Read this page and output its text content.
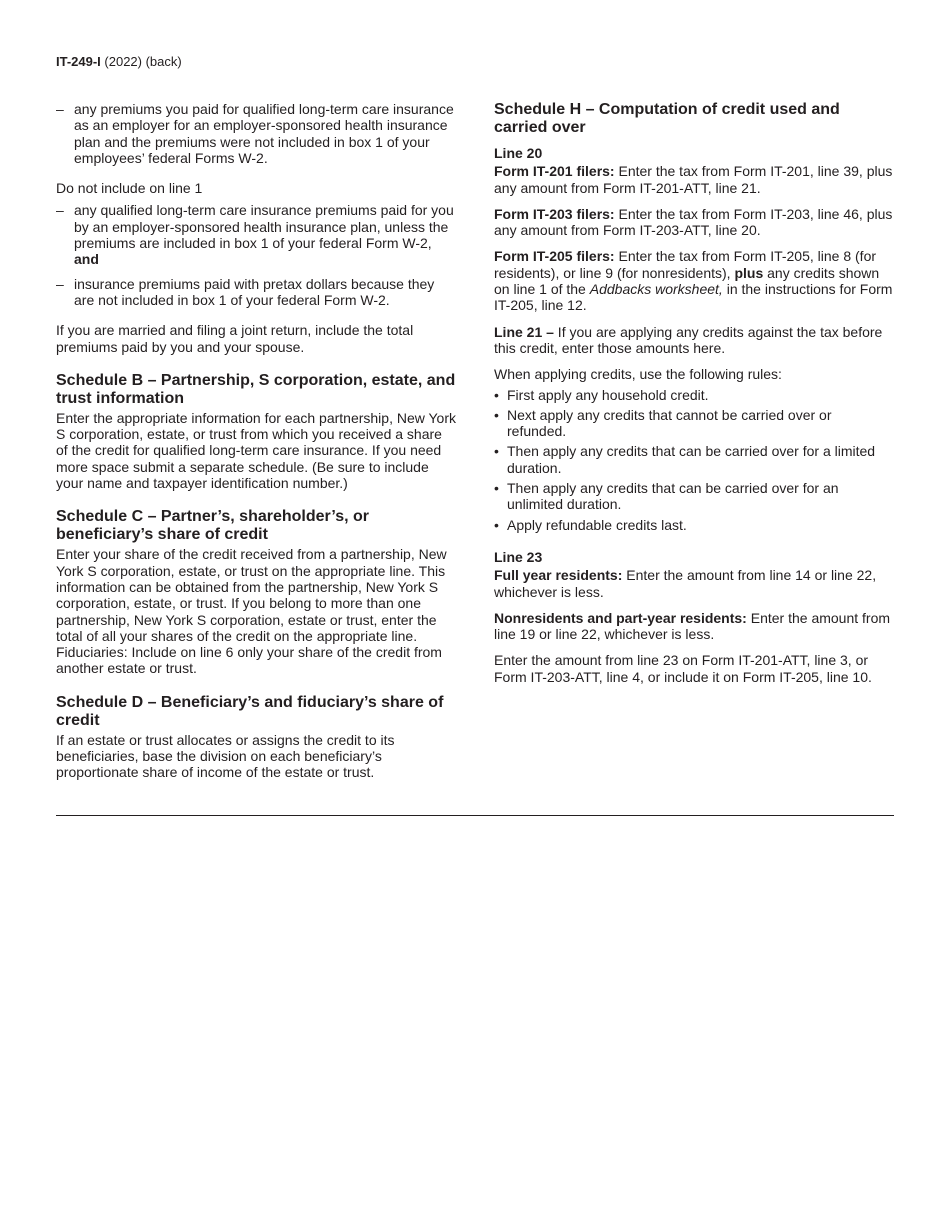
IT-249-I (2022) (back)
– any premiums you paid for qualified long-term care insurance as an employer for an employer-sponsored health insurance plan and the premiums were not included in box 1 of your employees’ federal Forms W-2.

Do not include on line 1

– any qualified long-term care insurance premiums paid for you by an employer-sponsored health insurance plan, unless the premiums are included in box 1 of your federal Form W-2, and
– insurance premiums paid with pretax dollars because they are not included in box 1 of your federal Form W-2.

If you are married and filing a joint return, include the total premiums paid by you and your spouse.

Schedule B – Partnership, S corporation, estate, and trust information

Enter the appropriate information for each partnership, New York S corporation, estate, or trust from which you received a share of the credit for qualified long-term care insurance. If you need more space submit a separate schedule. (Be sure to include your name and taxpayer identification number.)

Schedule C – Partner’s, shareholder’s, or beneficiary’s share of credit

Enter your share of the credit received from a partnership, New York S corporation, estate, or trust on the appropriate line. This information can be obtained from the partnership, New York S corporation, estate, or trust. If you belong to more than one partnership, New York S corporation, estate or trust, enter the total of all your shares of the credit on the appropriate line. Fiduciaries: Include on line 6 only your share of the credit from another estate or trust.

Schedule D – Beneficiary’s and fiduciary’s share of credit

If an estate or trust allocates or assigns the credit to its beneficiaries, base the division on each beneficiary’s proportionate share of income of the estate or trust.

Schedule H – Computation of credit used and carried over
Line 20

Form IT-201 filers: Enter the tax from Form IT-201, line 39, plus any amount from Form IT-201-ATT, line 21.

Form IT-203 filers: Enter the tax from Form IT-203, line 46, plus any amount from Form IT-203-ATT, line 20.

Form IT-205 filers: Enter the tax from Form IT-205, line 8 (for residents), or line 9 (for nonresidents), plus any credits shown on line 1 of the Addbacks worksheet, in the instructions for Form IT-205, line 12.

Line 21 – If you are applying any credits against the tax before this credit, enter those amounts here.

When applying credits, use the following rules:

• First apply any household credit.
• Next apply any credits that cannot be carried over or refunded.
• Then apply any credits that can be carried over for a limited duration.
• Then apply any credits that can be carried over for an unlimited duration.
• Apply refundable credits last.
Line 23

Full year residents: Enter the amount from line 14 or line 22, whichever is less.

Nonresidents and part-year residents: Enter the amount from line 19 or line 22, whichever is less.

Enter the amount from line 23 on Form IT-201-ATT, line 3, or Form IT-203-ATT, line 4, or include it on Form IT-205, line 10.
